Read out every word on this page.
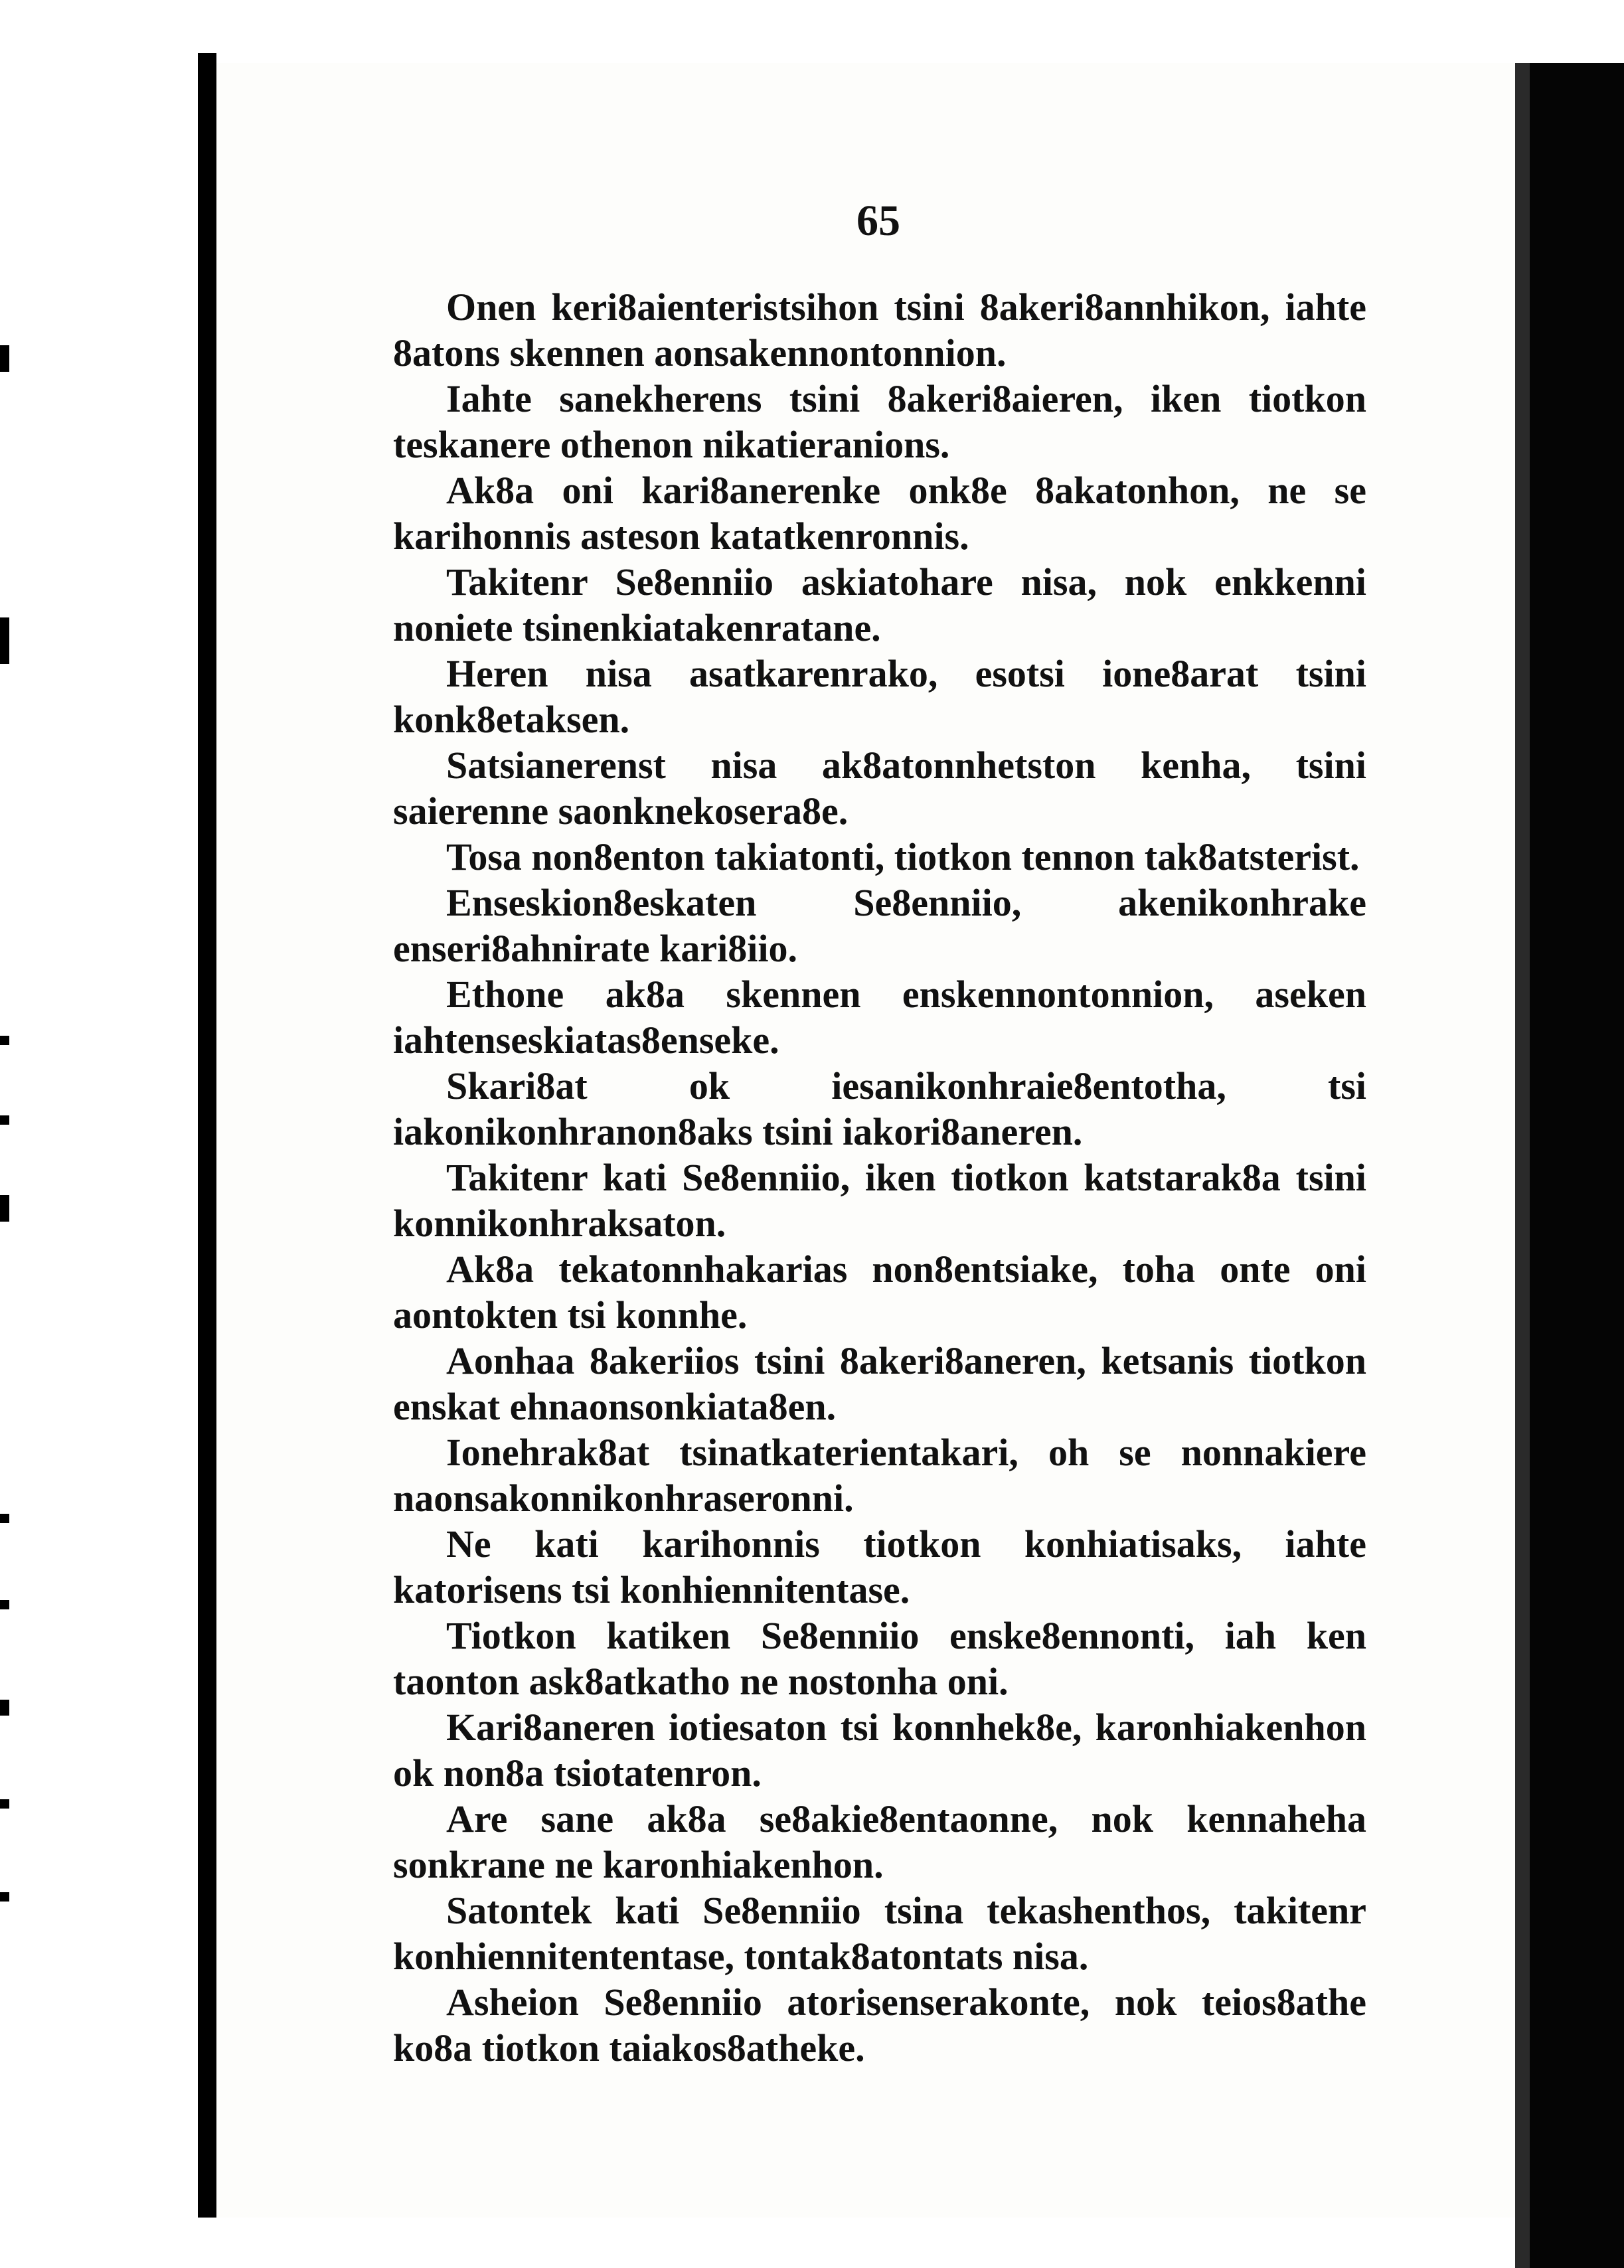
65

Onen keri8aienteristsihon tsini 8akeri8annhikon, iahte 8atons skennen aonsakennontonnion.

Iahte sanekherens tsini 8akeri8aieren, iken tiotkon teskanere othenon nikatieranions.

Ak8a oni kari8anerenke onk8e 8akatonhon, ne se karihonnis asteson katatkenronnis.

Takitenr Se8enniio askiatohare nisa, nok enkkenni noniete tsinenkiatakenratane.

Heren nisa asatkarenrako, esotsi ione8arat tsini konk8etaksen.

Satsianerenst nisa ak8atonnhetston kenha, tsini saierenne saonknekosera8e.

Tosa non8enton takiatonti, tiotkon tennon tak8atsterist.

Enseskion8eskaten Se8enniio, akenikonhrake enseri8ahnirate kari8iio.

Ethone ak8a skennen enskennontonnion, aseken iahtenseskiatas8enseke.

Skari8at ok iesanikonhraie8entotha, tsi iakonikonhranon8aks tsini iakori8aneren.

Takitenr kati Se8enniio, iken tiotkon katstarak8a tsini konnikonhraksaton.

Ak8a tekatonnhakarias non8entsiake, toha onte oni aontokten tsi konnhe.

Aonhaa 8akeriios tsini 8akeri8aneren, ketsanis tiotkon enskat ehnaonsonkiata8en.

Ionehrak8at tsinatkaterientakari, oh se nonnakiere naonsakonnikonhraseronni.

Ne kati karihonnis tiotkon konhiatisaks, iahte katorisens tsi konhiennitentase.

Tiotkon katiken Se8enniio enske8ennonti, iah ken taonton ask8atkatho ne nostonha oni.

Kari8aneren iotiesaton tsi konnhek8e, karonhiakenhon ok non8a tsiotatenron.

Are sane ak8a se8akie8entaonne, nok kennaheha sonkrane ne karonhiakenhon.

Satontek kati Se8enniio tsina tekashenthos, takitenr konhiennitententase, tontak8atontats nisa.

Asheion Se8enniio atorisenserakonte, nok teios8athe ko8a tiotkon taiakos8atheke.
